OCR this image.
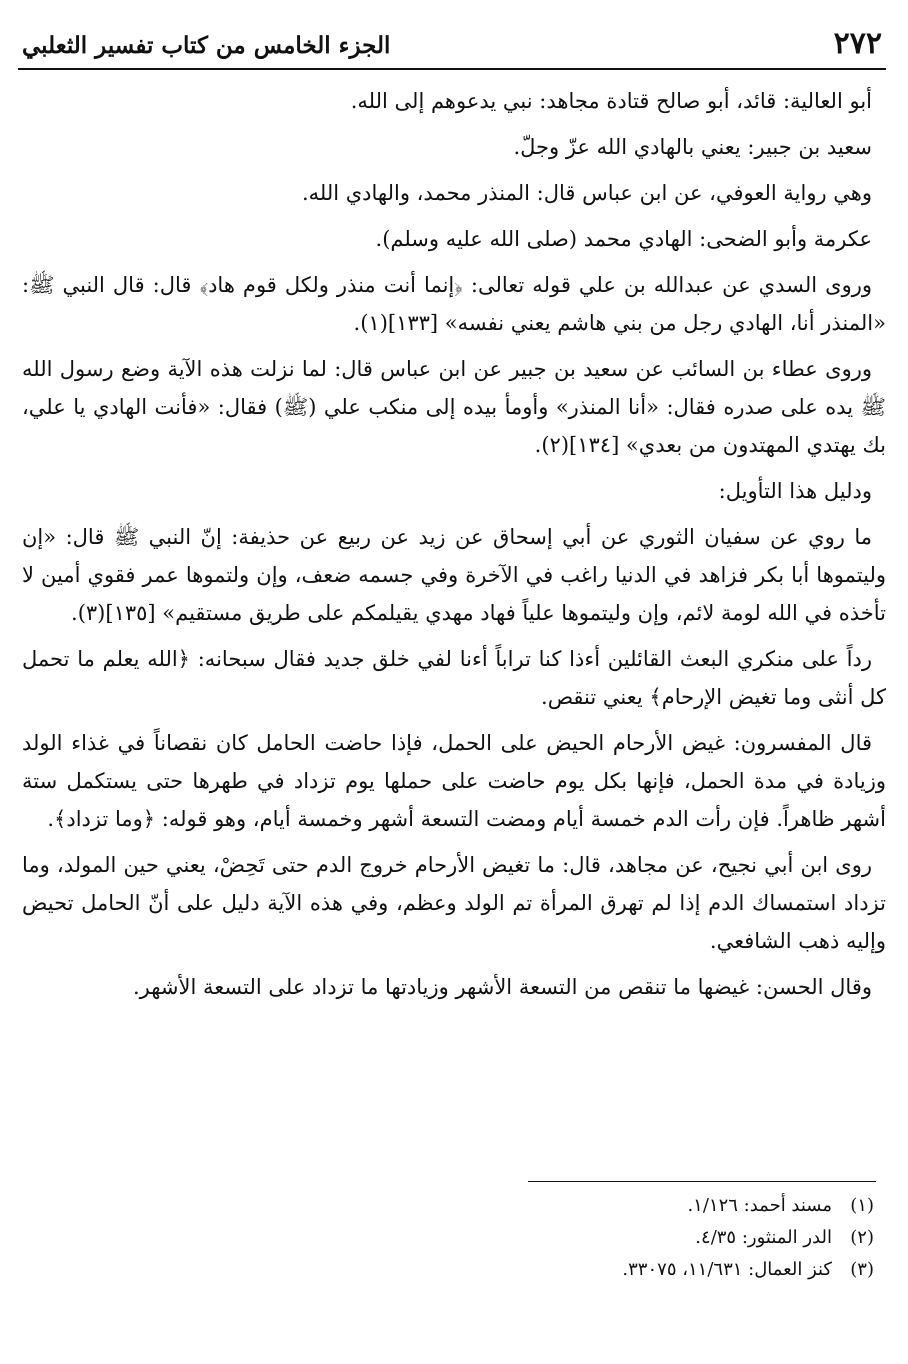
٢٧٢
الجزء الخامس من كتاب تفسير الثعلبي

أبو العالية: قائد، أبو صالح قتادة مجاهد: نبي يدعوهم إلى الله.

سعيد بن جبير: يعني بالهادي الله عزّ وجلّ.

وهي رواية العوفي، عن ابن عباس قال: المنذر محمد، والهادي الله.

عكرمة وأبو الضحى: الهادي محمد (صلى الله عليه وسلم).

وروى السدي عن عبدالله بن علي قوله تعالى: ﴿إنما أنت منذر ولكل قوم هاد﴾ قال: قال النبي ﷺ: «المنذر أنا، الهادي رجل من بني هاشم يعني نفسه» [١٣٣](١).

وروى عطاء بن السائب عن سعيد بن جبير عن ابن عباس قال: لما نزلت هذه الآية وضع رسول الله ﷺ يده على صدره فقال: «أنا المنذر» وأومأ بيده إلى منكب علي (ﷺ) فقال: «فأنت الهادي يا علي، بك يهتدي المهتدون من بعدي» [١٣٤](٢).

ودليل هذا التأويل:

ما روي عن سفيان الثوري عن أبي إسحاق عن زيد عن ربيع عن حذيفة: إنّ النبي ﷺ قال: «إن وليتموها أبا بكر فزاهد في الدنيا راغب في الآخرة وفي جسمه ضعف، وإن ولتموها عمر فقوي أمين لا تأخذه في الله لومة لائم، وإن وليتموها علياً فهاد مهدي يقيلمكم على طريق مستقيم» [١٣٥](٣).

رداً على منكري البعث القائلين أءذا كنا تراباً أءنا لفي خلق جديد فقال سبحانه: ﴿الله يعلم ما تحمل كل أنثى وما تغيض الإرحام﴾ يعني تنقص.

قال المفسرون: غيض الأرحام الحيض على الحمل، فإذا حاضت الحامل كان نقصاناً في غذاء الولد وزيادة في مدة الحمل، فإنها بكل يوم حاضت على حملها يوم تزداد في طهرها حتى يستكمل ستة أشهر ظاهراً. فإن رأت الدم خمسة أيام ومضت التسعة أشهر وخمسة أيام، وهو قوله: ﴿وما تزداد﴾.

روى ابن أبي نجيح، عن مجاهد، قال: ما تغيض الأرحام خروج الدم حتى تَحِضْ، يعني حين المولد، وما تزداد استمساك الدم إذا لم تهرق المرأة تم الولد وعظم، وفي هذه الآية دليل على أنّ الحامل تحيض وإليه ذهب الشافعي.

وقال الحسن: غيضها ما تنقص من التسعة الأشهر وزيادتها ما تزداد على التسعة الأشهر.

(١)
مسند أحمد: ١/١٢٦.
(٢)
الدر المنثور: ٤/٣٥.
(٣)
كنز العمال: ١١/٦٣١، ٣٣٠٧٥.
